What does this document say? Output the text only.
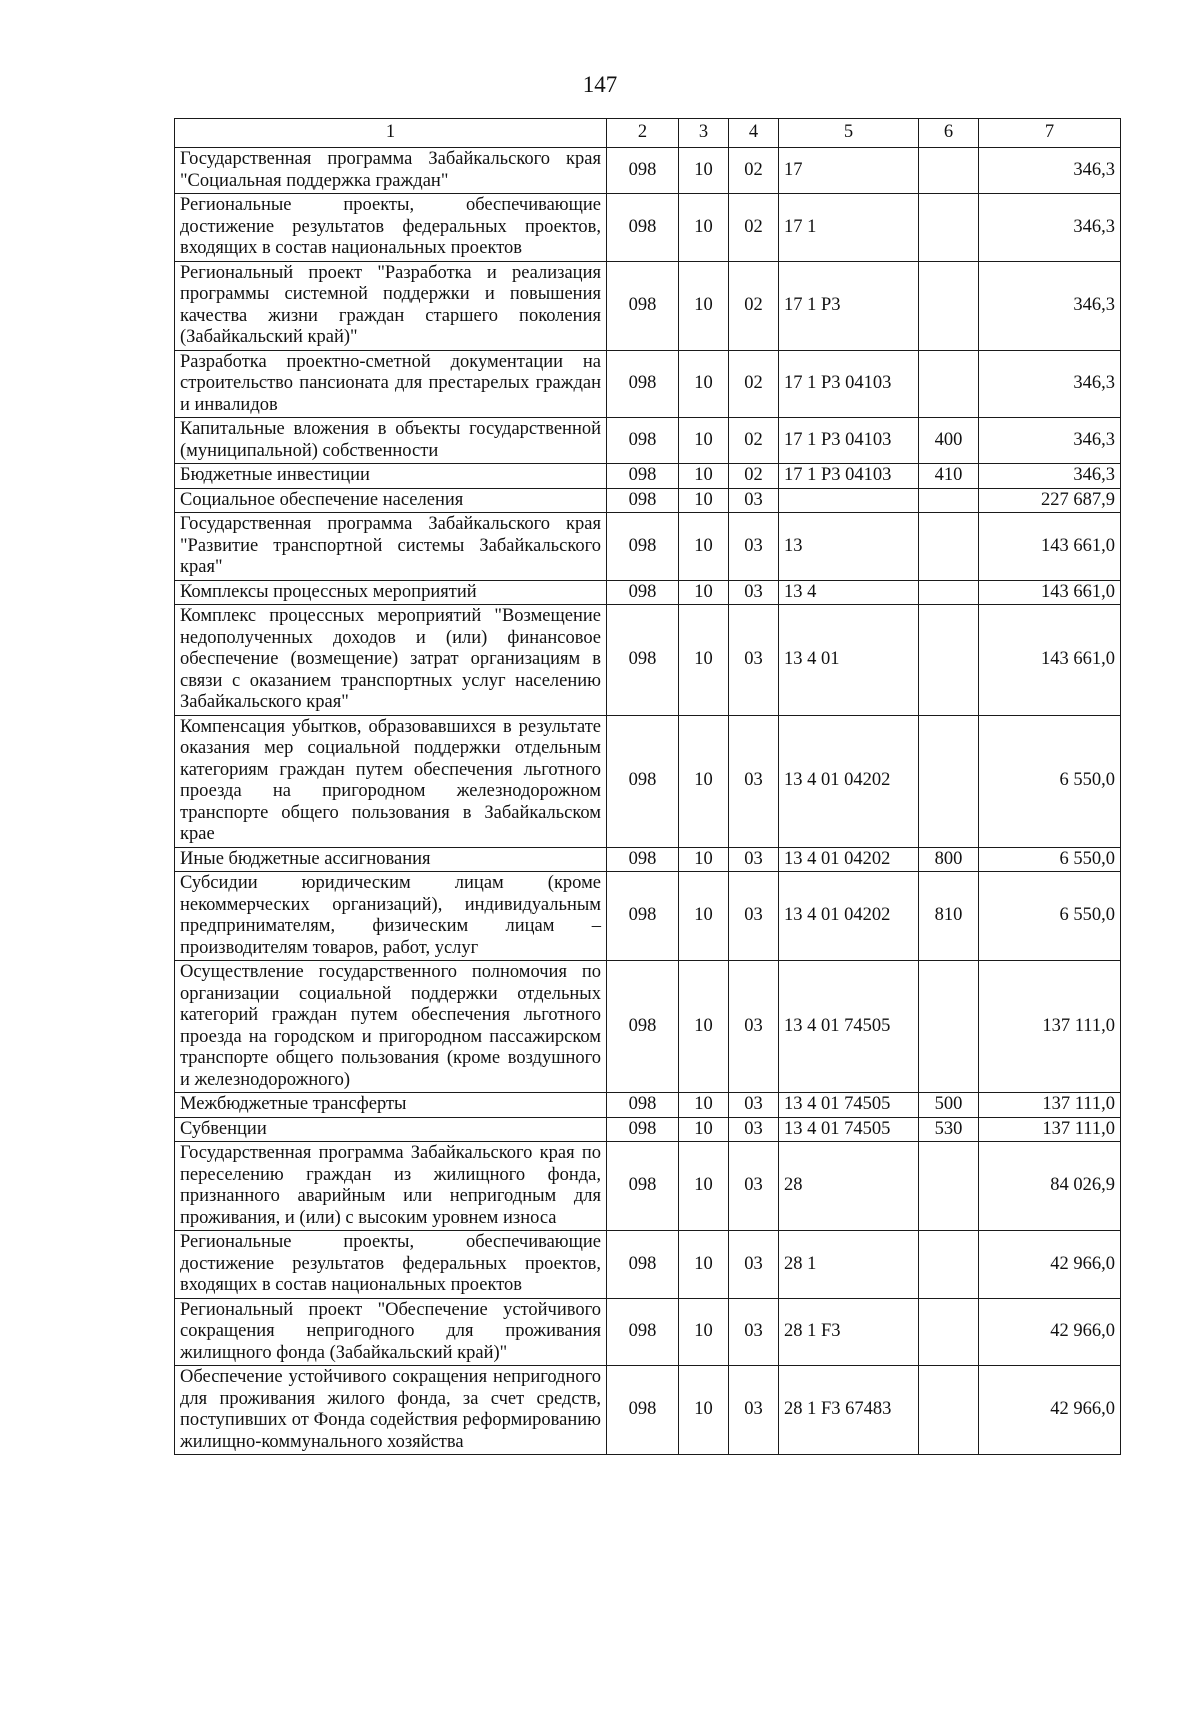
147
1	2	3	4	5	6	7
Государственная программа Забайкальского края "Социальная поддержка граждан"	098	10	02	17		346,3
Региональные проекты, обеспечивающие достижение результатов федеральных проектов, входящих в состав национальных проектов	098	10	02	17 1		346,3
Региональный проект "Разработка и реализация программы системной поддержки и повышения качества жизни граждан старшего поколения (Забайкальский край)"	098	10	02	17 1 P3		346,3
Разработка проектно-сметной документации на строительство пансионата для престарелых граждан и инвалидов	098	10	02	17 1 P3 04103		346,3
Капитальные вложения в объекты государственной (муниципальной) собственности	098	10	02	17 1 P3 04103	400	346,3
Бюджетные инвестиции	098	10	02	17 1 P3 04103	410	346,3
Социальное обеспечение населения	098	10	03			227 687,9
Государственная программа Забайкальского края "Развитие транспортной системы Забайкальского края"	098	10	03	13		143 661,0
Комплексы процессных мероприятий	098	10	03	13 4		143 661,0
Комплекс процессных мероприятий "Возмещение недополученных доходов и (или) финансовое обеспечение (возмещение) затрат организациям в связи с оказанием транспортных услуг населению Забайкальского края"	098	10	03	13 4 01		143 661,0
Компенсация убытков, образовавшихся в результате оказания мер социальной поддержки отдельным категориям граждан путем обеспечения льготного проезда на пригородном железнодорожном транспорте общего пользования в Забайкальском крае	098	10	03	13 4 01 04202		6 550,0
Иные бюджетные ассигнования	098	10	03	13 4 01 04202	800	6 550,0
Субсидии юридическим лицам (кроме некоммерческих организаций), индивидуальным предпринимателям, физическим лицам – производителям товаров, работ, услуг	098	10	03	13 4 01 04202	810	6 550,0
Осуществление государственного полномочия по организации социальной поддержки отдельных категорий граждан путем обеспечения льготного проезда на городском и пригородном пассажирском транспорте общего пользования (кроме воздушного и железнодорожного)	098	10	03	13 4 01 74505		137 111,0
Межбюджетные трансферты	098	10	03	13 4 01 74505	500	137 111,0
Субвенции	098	10	03	13 4 01 74505	530	137 111,0
Государственная программа Забайкальского края по переселению граждан из жилищного фонда, признанного аварийным или непригодным для проживания, и (или) с высоким уровнем износа	098	10	03	28		84 026,9
Региональные проекты, обеспечивающие достижение результатов федеральных проектов, входящих в состав национальных проектов	098	10	03	28 1		42 966,0
Региональный проект "Обеспечение устойчивого сокращения непригодного для проживания жилищного фонда (Забайкальский край)"	098	10	03	28 1 F3		42 966,0
Обеспечение устойчивого сокращения непригодного для проживания жилого фонда, за счет средств, поступивших от Фонда содействия реформированию жилищно-коммунального хозяйства	098	10	03	28 1 F3 67483		42 966,0
